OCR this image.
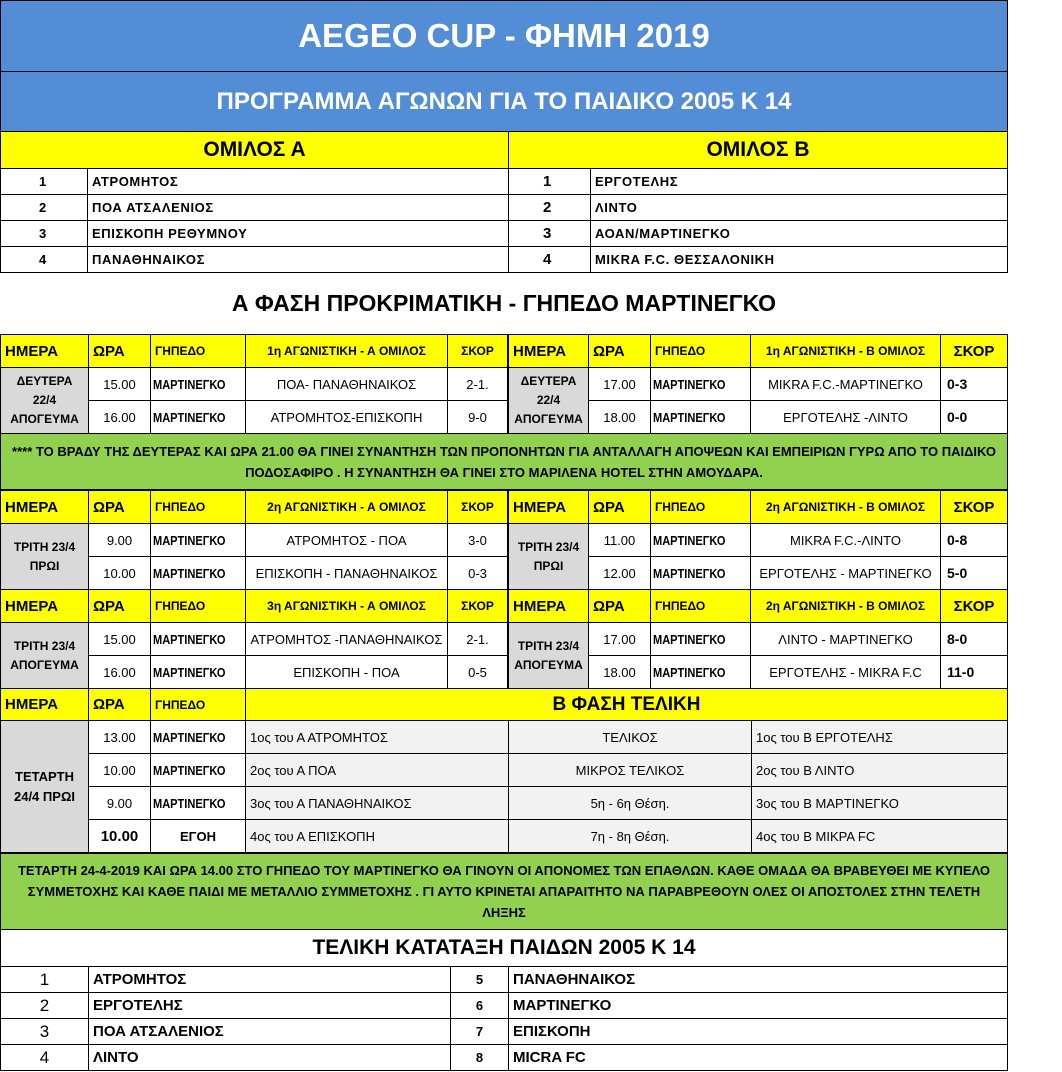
AEGEO CUP - ΦΗΜΗ 2019
ΠΡΟΓΡΑΜΜΑ ΑΓΩΝΩΝ ΓΙΑ ΤΟ ΠΑΙΔΙΚΟ 2005 Κ 14
ΟΜΙΛΟΣ Α	ΟΜΙΛΟΣ Β
1	ΑΤΡΟΜΗΤΟΣ
2	ΠΟΑ ΑΤΣΑΛΕΝΙΟΣ
3	ΕΠΙΣΚΟΠΗ ΡΕΘΥΜΝΟΥ
4	ΠΑΝΑΘΗΝΑΙΚΟΣ
1	ΕΡΓΟΤΕΛΗΣ
2	ΛΙΝΤΟ
3	ΑΟΑΝ/ΜΑΡΤΙΝΕΓΚΟ
4	MIKRA F.C. ΘΕΣΣΑΛΟΝΙΚΗ
Α ΦΑΣΗ ΠΡΟΚΡΙΜΑΤΙΚΗ - ΓΗΠΕΔΟ ΜΑΡΤΙΝΕΓΚΟ
ΗΜΕΡΑ	ΩΡΑ	ΓΗΠΕΔΟ	1η ΑΓΩΝΙΣΤΙΚΗ - Α ΟΜΙΛΟΣ	ΣΚΟΡ
ΔΕΥΤΕΡΑ 22/4 ΑΠΟΓΕΥΜΑ
15.00	ΜΑΡΤΙΝΕΓΚΟ	ΠΟΑ- ΠΑΝΑΘΗΝΑΙΚΟΣ	2-1.
16.00	ΜΑΡΤΙΝΕΓΚΟ	ΑΤΡΟΜΗΤΟΣ-ΕΠΙΣΚΟΠΗ	9-0
ΗΜΕΡΑ	ΩΡΑ	ΓΗΠΕΔΟ	1η ΑΓΩΝΙΣΤΙΚΗ - Β ΟΜΙΛΟΣ	ΣΚΟΡ
ΔΕΥΤΕΡΑ 22/4 ΑΠΟΓΕΥΜΑ
17.00	ΜΑΡΤΙΝΕΓΚΟ	MIKRA F.C.-ΜΑΡΤΙΝΕΓΚΟ	0-3
18.00	ΜΑΡΤΙΝΕΓΚΟ	ΕΡΓΟΤΕΛΗΣ -ΛΙΝΤΟ	0-0
ΗΜΕΡΑ	ΩΡΑ	ΓΗΠΕΔΟ	2η ΑΓΩΝΙΣΤΙΚΗ - Α ΟΜΙΛΟΣ	ΣΚΟΡ
ΤΡΙΤΗ 23/4 ΠΡΩΙ
9.00	ΜΑΡΤΙΝΕΓΚΟ	ΑΤΡΟΜΗΤΟΣ - ΠΟΑ	3-0
10.00	ΜΑΡΤΙΝΕΓΚΟ	ΕΠΙΣΚΟΠΗ - ΠΑΝΑΘΗΝΑΙΚΟΣ	0-3
ΗΜΕΡΑ	ΩΡΑ	ΓΗΠΕΔΟ	2η ΑΓΩΝΙΣΤΙΚΗ - Β ΟΜΙΛΟΣ	ΣΚΟΡ
ΤΡΙΤΗ 23/4 ΠΡΩΙ
11.00	ΜΑΡΤΙΝΕΓΚΟ	MIKRA F.C.-ΛΙΝΤΟ	0-8
12.00	ΜΑΡΤΙΝΕΓΚΟ	ΕΡΓΟΤΕΛΗΣ - ΜΑΡΤΙΝΕΓΚΟ	5-0
ΗΜΕΡΑ	ΩΡΑ	ΓΗΠΕΔΟ	3η ΑΓΩΝΙΣΤΙΚΗ - Α ΟΜΙΛΟΣ	ΣΚΟΡ
ΤΡΙΤΗ 23/4 ΑΠΟΓΕΥΜΑ
15.00	ΜΑΡΤΙΝΕΓΚΟ	ΑΤΡΟΜΗΤΟΣ -ΠΑΝΑΘΗΝΑΙΚΟΣ	2-1.
16.00	ΜΑΡΤΙΝΕΓΚΟ	ΕΠΙΣΚΟΠΗ - ΠΟΑ	0-5
ΗΜΕΡΑ	ΩΡΑ	ΓΗΠΕΔΟ	2η ΑΓΩΝΙΣΤΙΚΗ - Β ΟΜΙΛΟΣ	ΣΚΟΡ
ΤΡΙΤΗ 23/4 ΑΠΟΓΕΥΜΑ
17.00	ΜΑΡΤΙΝΕΓΚΟ	ΛΙΝΤΟ - ΜΑΡΤΙΝΕΓΚΟ	8-0
18.00	ΜΑΡΤΙΝΕΓΚΟ	ΕΡΓΟΤΕΛΗΣ - MIKRA F.C	11-0
**** ΤΟ ΒΡΑΔΥ ΤΗΣ ΔΕΥΤΕΡΑΣ ΚΑΙ ΩΡΑ 21.00 ΘΑ ΓΙΝΕΙ ΣΥΝΑΝΤΗΣΗ ΤΩΝ ΠΡΟΠΟΝΗΤΩΝ ΓΙΑ ΑΝΤΑΛΛΑΓΗ ΑΠΟΨΕΩΝ ΚΑΙ ΕΜΠΕΙΡΙΩΝ ΓΥΡΩ ΑΠΟ ΤΟ ΠΑΙΔΙΚΟ ΠΟΔΟΣΑΦΙΡΟ . Η ΣΥΝΑΝΤΗΣΗ ΘΑ ΓΙΝΕΙ ΣΤΟ ΜΑΡΙΛΕΝΑ HOTEL ΣΤΗΝ ΑΜΟΥΔΑΡΑ.
ΗΜΕΡΑ	ΩΡΑ	ΓΗΠΕΔΟ	Β ΦΑΣΗ ΤΕΛΙΚΗ
ΤΕΤΑΡΤΗ 24/4 ΠΡΩΙ
13.00	ΜΑΡΤΙΝΕΓΚΟ	1ος του Α ΑΤΡΟΜΗΤΟΣ	ΤΕΛΙΚΟΣ	1ος του Β ΕΡΓΟΤΕΛΗΣ
10.00	ΜΑΡΤΙΝΕΓΚΟ	2ος του Α ΠΟΑ	ΜΙΚΡΟΣ ΤΕΛΙΚΟΣ	2ος του Β ΛΙΝΤΟ
9.00	ΜΑΡΤΙΝΕΓΚΟ	3ος του Α ΠΑΝΑΘΗΝΑΙΚΟΣ	5η - 6η Θέση.	3ος του Β ΜΑΡΤΙΝΕΓΚΟ
10.00	ΕΓΟΗ	4ος του Α ΕΠΙΣΚΟΠΗ	7η - 8η Θέση.	4ος του Β ΜΙΚΡΑ FC
ΤΕΤΑΡΤΗ 24-4-2019 ΚΑΙ ΩΡΑ 14.00 ΣΤΟ ΓΗΠΕΔΟ ΤΟΥ ΜΑΡΤΙΝΕΓΚΟ ΘΑ ΓΙΝΟΥΝ ΟΙ ΑΠΟΝΟΜΕΣ ΤΩΝ ΕΠΑΘΛΩΝ. ΚΑΘΕ ΟΜΑΔΑ ΘΑ ΒΡΑΒΕΥΘΕΙ ΜΕ ΚΥΠΕΛΟ ΣΥΜΜΕΤΟΧΗΣ ΚΑΙ ΚΑΘΕ ΠΑΙΔΙ ΜΕ ΜΕΤΑΛΛΙΟ ΣΥΜΜΕΤΟΧΗΣ . ΓΙ ΑΥΤΟ ΚΡΙΝΕΤΑΙ ΑΠΑΡΑΙΤΗΤΟ ΝΑ ΠΑΡΑΒΡΕΘΟΥΝ ΟΛΕΣ ΟΙ ΑΠΟΣΤΟΛΕΣ ΣΤΗΝ ΤΕΛΕΤΗ ΛΗΞΗΣ
ΤΕΛΙΚΗ ΚΑΤΑΤΑΞΗ ΠΑΙΔΩΝ 2005 Κ 14
1	ΑΤΡΟΜΗΤΟΣ
2	ΕΡΓΟΤΕΛΗΣ
3	ΠΟΑ ΑΤΣΑΛΕΝΙΟΣ
4	ΛΙΝΤΟ
5	ΠΑΝΑΘΗΝΑΙΚΟΣ
6	ΜΑΡΤΙΝΕΓΚΟ
7	ΕΠΙΣΚΟΠΗ
8	MICRA FC
